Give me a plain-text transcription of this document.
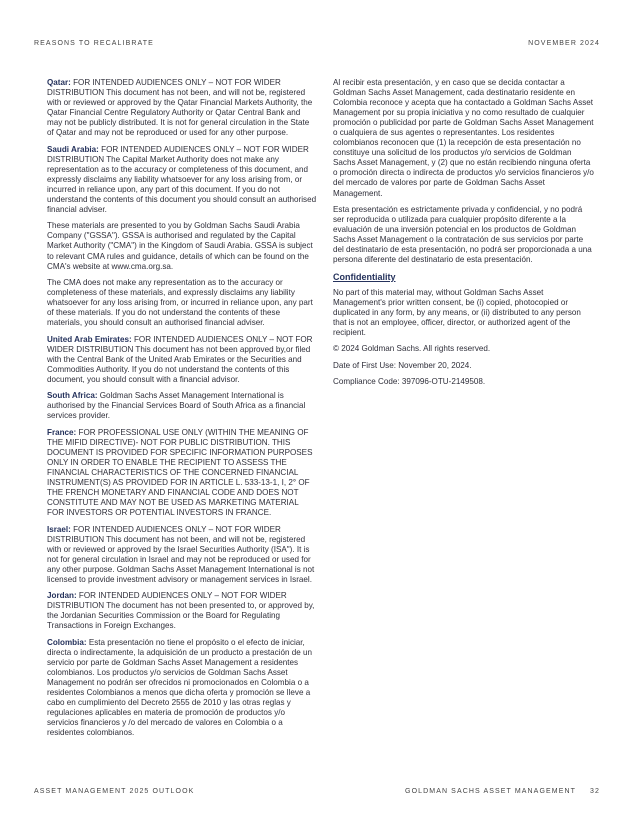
REASONS TO RECALIBRATE	NOVEMBER 2024

Qatar: FOR INTENDED AUDIENCES ONLY – NOT FOR WIDER DISTRIBUTION This document has not been, and will not be, registered with or reviewed or approved by the Qatar Financial Markets Authority, the Qatar Financial Centre Regulatory Authority or Qatar Central Bank and may not be publicly distributed. It is not for general circulation in the State of Qatar and may not be reproduced or used for any other purpose.

Saudi Arabia: FOR INTENDED AUDIENCES ONLY – NOT FOR WIDER DISTRIBUTION The Capital Market Authority does not make any representation as to the accuracy or completeness of this document, and expressly disclaims any liability whatsoever for any loss arising from, or incurred in reliance upon, any part of this document. If you do not understand the contents of this document you should consult an authorised financial adviser.

These materials are presented to you by Goldman Sachs Saudi Arabia Company ("GSSA"). GSSA is authorised and regulated by the Capital Market Authority ("CMA") in the Kingdom of Saudi Arabia. GSSA is subject to relevant CMA rules and guidance, details of which can be found on the CMA's website at www.cma.org.sa.

The CMA does not make any representation as to the accuracy or completeness of these materials, and expressly disclaims any liability whatsoever for any loss arising from, or incurred in reliance upon, any part of these materials. If you do not understand the contents of these materials, you should consult an authorised financial adviser.

United Arab Emirates: FOR INTENDED AUDIENCES ONLY – NOT FOR WIDER DISTRIBUTION This document has not been approved by,or filed with the Central Bank of the United Arab Emirates or the Securities and Commodities Authority. If you do not understand the contents of this document, you should consult with a financial advisor.

South Africa: Goldman Sachs Asset Management International is authorised by the Financial Services Board of South Africa as a financial services provider.

France: FOR PROFESSIONAL USE ONLY (WITHIN THE MEANING OF THE MIFID DIRECTIVE)- NOT FOR PUBLIC DISTRIBUTION. THIS DOCUMENT IS PROVIDED FOR SPECIFIC INFORMATION PURPOSES ONLY IN ORDER TO ENABLE THE RECIPIENT TO ASSESS THE FINANCIAL CHARACTERISTICS OF THE CONCERNED FINANCIAL INSTRUMENT(S) AS PROVIDED FOR IN ARTICLE L. 533-13-1, I, 2° OF THE FRENCH MONETARY AND FINANCIAL CODE AND DOES NOT CONSTITUTE AND MAY NOT BE USED AS MARKETING MATERIAL FOR INVESTORS OR POTENTIAL INVESTORS IN FRANCE.

Israel: FOR INTENDED AUDIENCES ONLY – NOT FOR WIDER DISTRIBUTION This document has not been, and will not be, registered with or reviewed or approved by the Israel Securities Authority (ISA"). It is not for general circulation in Israel and may not be reproduced or used for any other purpose. Goldman Sachs Asset Management International is not licensed to provide investment advisory or management services in Israel.

Jordan: FOR INTENDED AUDIENCES ONLY – NOT FOR WIDER DISTRIBUTION The document has not been presented to, or approved by, the Jordanian Securities Commission or the Board for Regulating Transactions in Foreign Exchanges.

Colombia: Esta presentación no tiene el propósito o el efecto de iniciar, directa o indirectamente, la adquisición de un producto a prestación de un servicio por parte de Goldman Sachs Asset Management a residentes colombianos. Los productos y/o servicios de Goldman Sachs Asset Management no podrán ser ofrecidos ni promocionados en Colombia o a residentes Colombianos a menos que dicha oferta y promoción se lleve a cabo en cumplimiento del Decreto 2555 de 2010 y las otras reglas y regulaciones aplicables en materia de promoción de productos y/o servicios financieros y /o del mercado de valores en Colombia o a residentes colombianos.

Al recibir esta presentación, y en caso que se decida contactar a Goldman Sachs Asset Management, cada destinatario residente en Colombia reconoce y acepta que ha contactado a Goldman Sachs Asset Management por su propia iniciativa y no como resultado de cualquier promoción o publicidad por parte de Goldman Sachs Asset Management o cualquiera de sus agentes o representantes. Los residentes colombianos reconocen que (1) la recepción de esta presentación no constituye una solicitud de los productos y/o servicios de Goldman Sachs Asset Management, y (2) que no están recibiendo ninguna oferta o promoción directa o indirecta de productos y/o servicios financieros y/o del mercado de valores por parte de Goldman Sachs Asset Management.

Esta presentación es estrictamente privada y confidencial, y no podrá ser reproducida o utilizada para cualquier propósito diferente a la evaluación de una inversión potencial en los productos de Goldman Sachs Asset Management o la contratación de sus servicios por parte del destinatario de esta presentación, no podrá ser proporcionada a una persona diferente del destinatario de esta presentación.

Confidentiality

No part of this material may, without Goldman Sachs Asset Management's prior written consent, be (i) copied, photocopied or duplicated in any form, by any means, or (ii) distributed to any person that is not an employee, officer, director, or authorized agent of the recipient.

© 2024 Goldman Sachs. All rights reserved.

Date of First Use: November 20, 2024.

Compliance Code: 397096-OTU-2149508.

ASSET MANAGEMENT 2025 OUTLOOK	GOLDMAN SACHS ASSET MANAGEMENT 32
